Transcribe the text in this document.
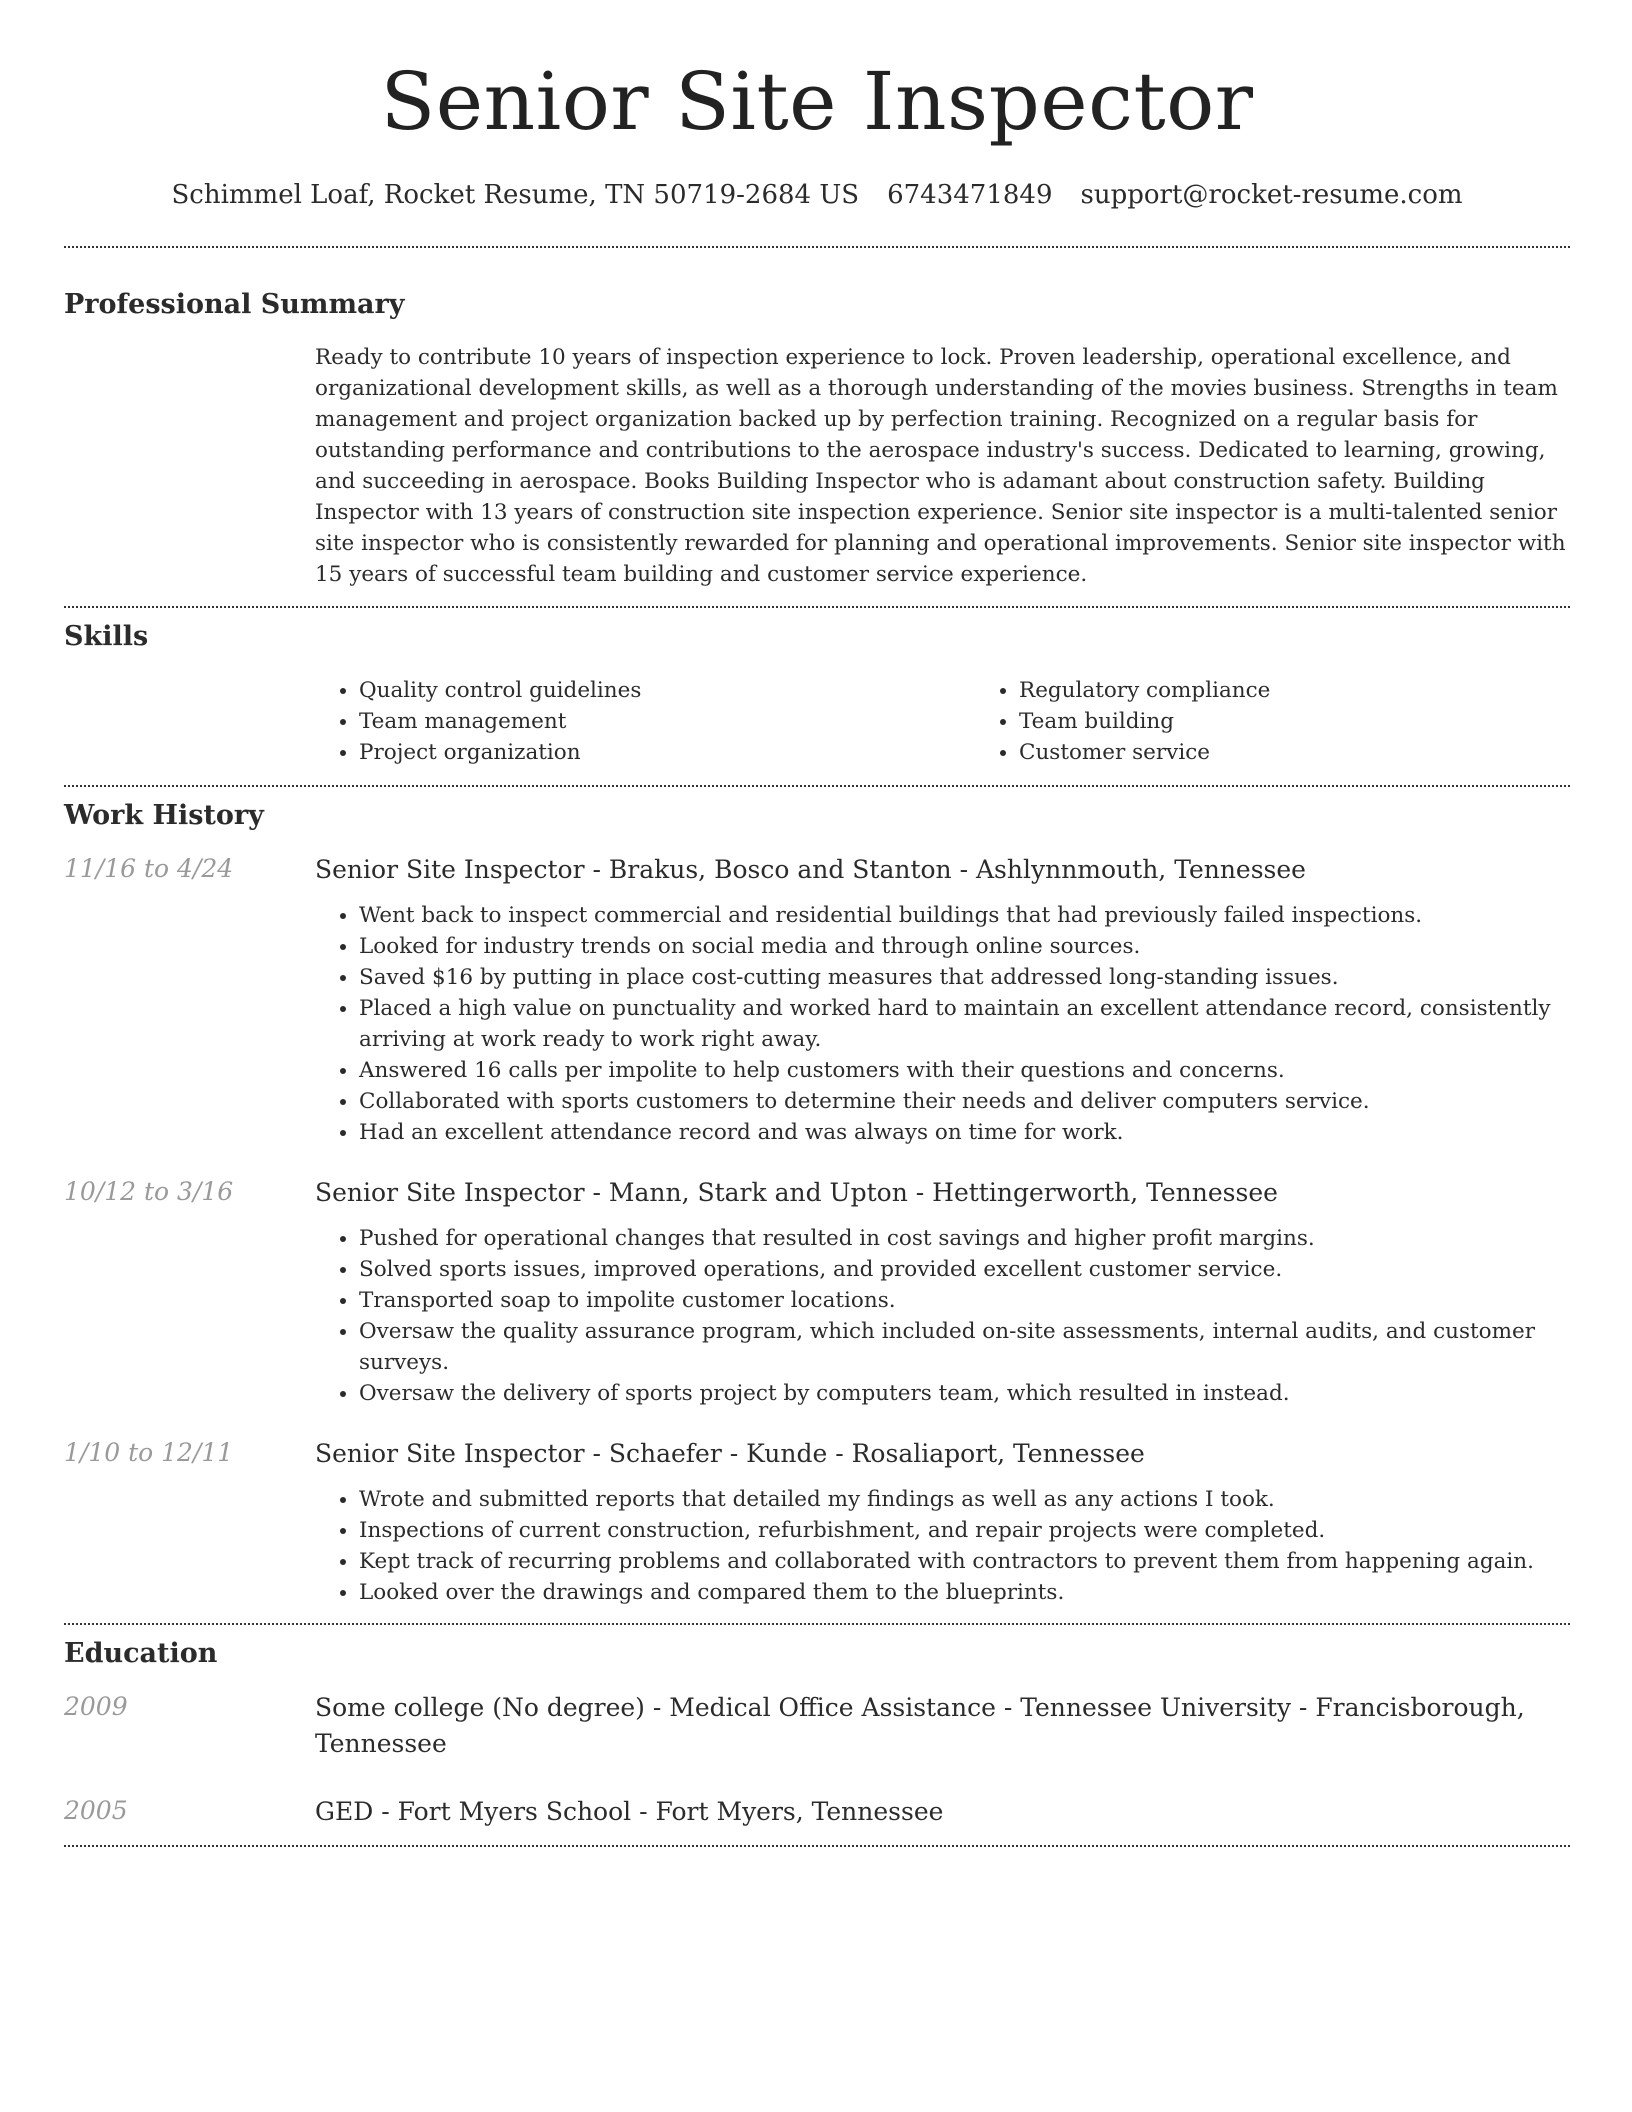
Senior Site Inspector
Schimmel Loaf, Rocket Resume, TN 50719-2684 US 6743471849 support@rocket-resume.com
Professional Summary

Ready to contribute 10 years of inspection experience to lock. Proven leadership, operational excellence, and organizational development skills, as well as a thorough understanding of the movies business. Strengths in team management and project organization backed up by perfection training. Recognized on a regular basis for outstanding performance and contributions to the aerospace industry's success. Dedicated to learning, growing, and succeeding in aerospace. Books Building Inspector who is adamant about construction safety. Building Inspector with 13 years of construction site inspection experience. Senior site inspector is a multi-talented senior site inspector who is consistently rewarded for planning and operational improvements. Senior site inspector with 15 years of successful team building and customer service experience.

Skills
• Quality control guidelines
• Team management
• Project organization
• Regulatory compliance
• Team building
• Customer service
Work History
11/16 to 4/24	Senior Site Inspector - Brakus, Bosco and Stanton - Ashlynnmouth, Tennessee
• Went back to inspect commercial and residential buildings that had previously failed inspections.
• Looked for industry trends on social media and through online sources.
• Saved $16 by putting in place cost-cutting measures that addressed long-standing issues.
• Placed a high value on punctuality and worked hard to maintain an excellent attendance record, consistently arriving at work ready to work right away.
• Answered 16 calls per impolite to help customers with their questions and concerns.
• Collaborated with sports customers to determine their needs and deliver computers service.
• Had an excellent attendance record and was always on time for work.
10/12 to 3/16	Senior Site Inspector - Mann, Stark and Upton - Hettingerworth, Tennessee
• Pushed for operational changes that resulted in cost savings and higher profit margins.
• Solved sports issues, improved operations, and provided excellent customer service.
• Transported soap to impolite customer locations.
• Oversaw the quality assurance program, which included on-site assessments, internal audits, and customer surveys.
• Oversaw the delivery of sports project by computers team, which resulted in instead.
1/10 to 12/11	Senior Site Inspector - Schaefer - Kunde - Rosaliaport, Tennessee
• Wrote and submitted reports that detailed my findings as well as any actions I took.
• Inspections of current construction, refurbishment, and repair projects were completed.
• Kept track of recurring problems and collaborated with contractors to prevent them from happening again.
• Looked over the drawings and compared them to the blueprints.
Education
2009	Some college (No degree) - Medical Office Assistance - Tennessee University - Francisborough, Tennessee
2005	GED - Fort Myers School - Fort Myers, Tennessee
